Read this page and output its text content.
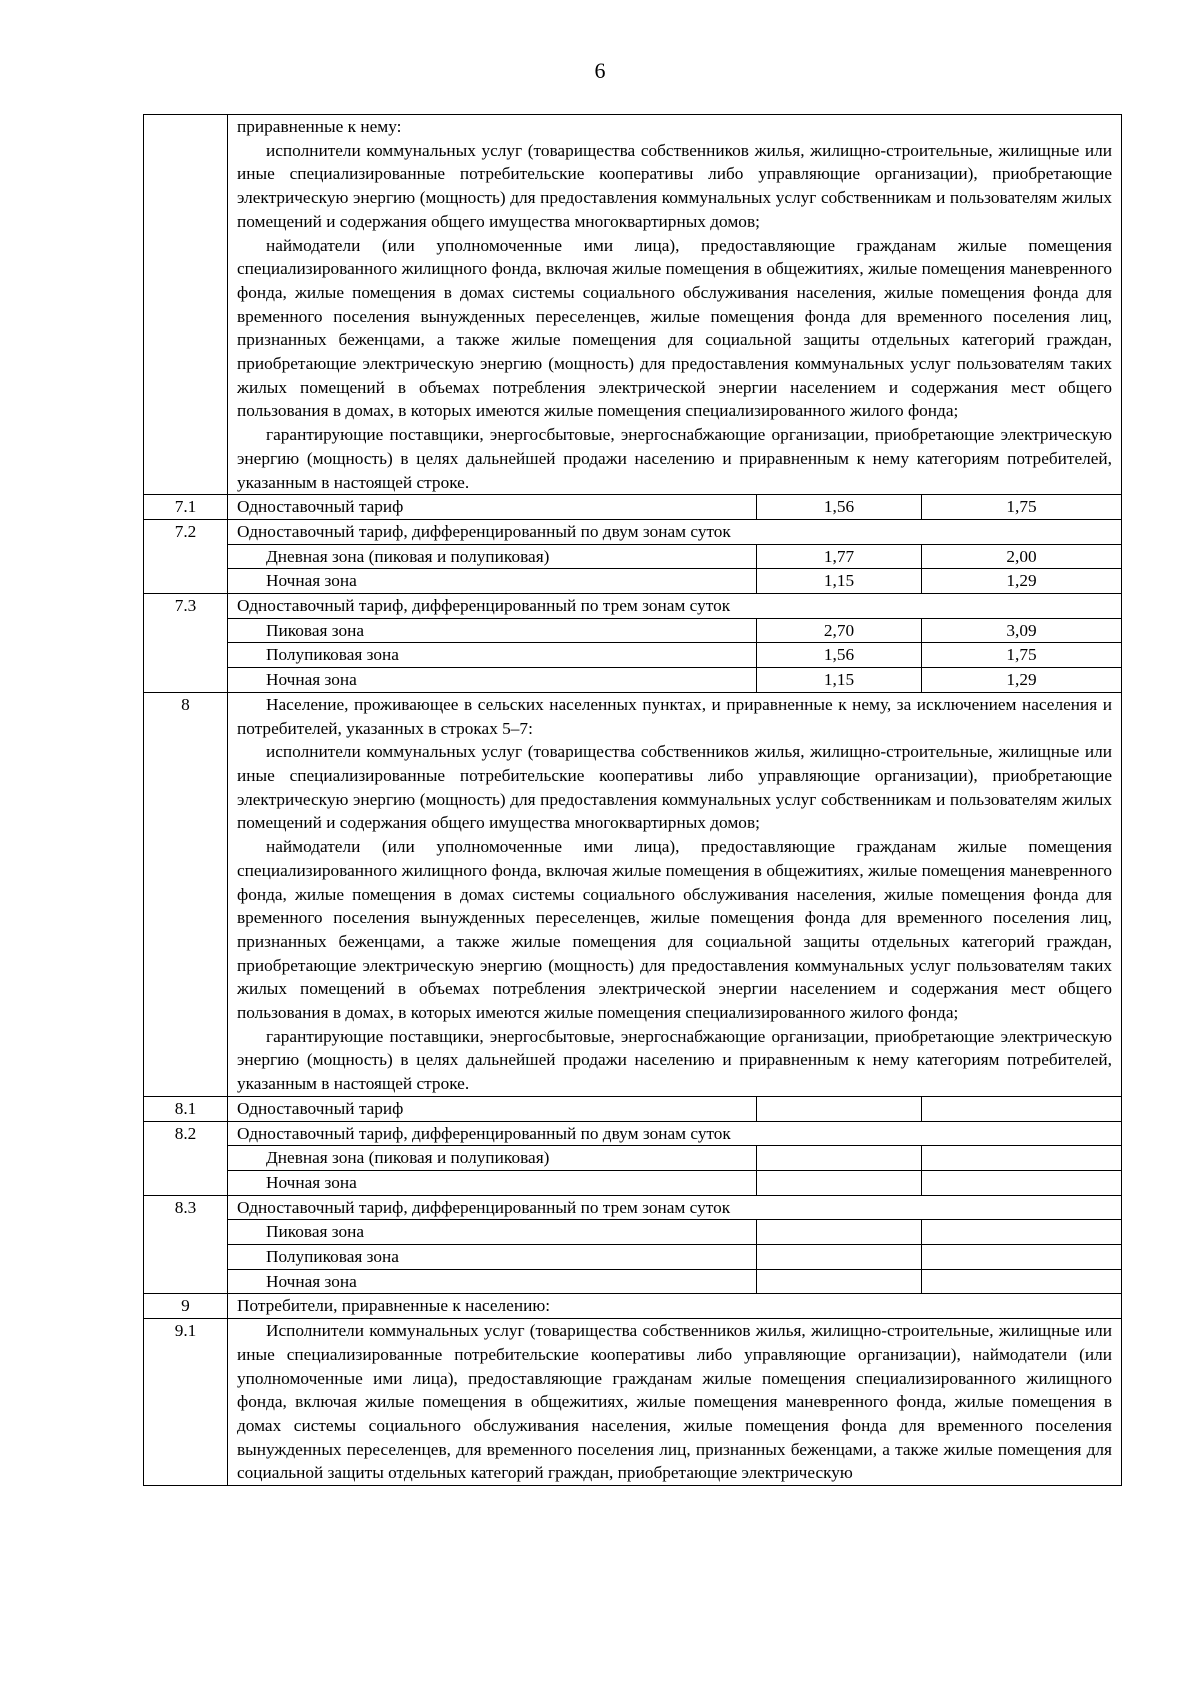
6

	приравненные к нему:

исполнители коммунальных услуг (товарищества собственников жилья, жилищно-строительные, жилищные или иные специализированные потребительские кооперативы либо управляющие организации), приобретающие электрическую энергию (мощность) для предоставления коммунальных услуг собственникам и пользователям жилых помещений и содержания общего имущества многоквартирных домов;

наймодатели (или уполномоченные ими лица), предоставляющие гражданам жилые помещения специализированного жилищного фонда, включая жилые помещения в общежитиях, жилые помещения маневренного фонда, жилые помещения в домах системы социального обслуживания населения, жилые помещения фонда для временного поселения вынужденных переселенцев, жилые помещения фонда для временного поселения лиц, признанных беженцами, а также жилые помещения для социальной защиты отдельных категорий граждан, приобретающие электрическую энергию (мощность) для предоставления коммунальных услуг пользователям таких жилых помещений в объемах потребления электрической энергии населением и содержания мест общего пользования в домах, в которых имеются жилые помещения специализированного жилого фонда;

гарантирующие поставщики, энергосбытовые, энергоснабжающие организации, приобретающие электрическую энергию (мощность) в целях дальнейшей продажи населению и приравненным к нему категориям потребителей, указанным в настоящей строке.		

7.1	Одноставочный тариф	1,56	1,75
7.2	Одноставочный тариф, дифференцированный по двум зонам суток		
	Дневная зона (пиковая и полупиковая)	1,77	2,00
	Ночная зона	1,15	1,29
7.3	Одноставочный тариф, дифференцированный по трем зонам суток		
	Пиковая зона	2,70	3,09
	Полупиковая зона	1,56	1,75
	Ночная зона	1,15	1,29
8	Население, проживающее в сельских населенных пунктах, и приравненные к нему, за исключением населения и потребителей, указанных в строках 5–7:

исполнители коммунальных услуг (товарищества собственников жилья, жилищно-строительные, жилищные или иные специализированные потребительские кооперативы либо управляющие организации), приобретающие электрическую энергию (мощность) для предоставления коммунальных услуг собственникам и пользователям жилых помещений и содержания общего имущества многоквартирных домов;

наймодатели (или уполномоченные ими лица), предоставляющие гражданам жилые помещения специализированного жилищного фонда, включая жилые помещения в общежитиях, жилые помещения маневренного фонда, жилые помещения в домах системы социального обслуживания населения, жилые помещения фонда для временного поселения вынужденных переселенцев, жилые помещения фонда для временного поселения лиц, признанных беженцами, а также жилые помещения для социальной защиты отдельных категорий граждан, приобретающие электрическую энергию (мощность) для предоставления коммунальных услуг пользователям таких жилых помещений в объемах потребления электрической энергии населением и содержания мест общего пользования в домах, в которых имеются жилые помещения специализированного жилого фонда;

гарантирующие поставщики, энергосбытовые, энергоснабжающие организации, приобретающие электрическую энергию (мощность) в целях дальнейшей продажи населению и приравненным к нему категориям потребителей, указанным в настоящей строке.		

8.1	Одноставочный тариф		
8.2	Одноставочный тариф, дифференцированный по двум зонам суток		
	Дневная зона (пиковая и полупиковая)		
	Ночная зона		
8.3	Одноставочный тариф, дифференцированный по трем зонам суток		
	Пиковая зона		
	Полупиковая зона		
	Ночная зона		
9	Потребители, приравненные к населению:		
9.1	Исполнители коммунальных услуг (товарищества собственников жилья, жилищно-строительные, жилищные или иные специализированные потребительские кооперативы либо управляющие организации), наймодатели (или уполномоченные ими лица), предоставляющие гражданам жилые помещения специализированного жилищного фонда, включая жилые помещения в общежитиях, жилые помещения маневренного фонда, жилые помещения в домах системы социального обслуживания населения, жилые помещения фонда для временного поселения вынужденных переселенцев, для временного поселения лиц, признанных беженцами, а также жилые помещения для социальной защиты отдельных категорий граждан, приобретающие электрическую		
